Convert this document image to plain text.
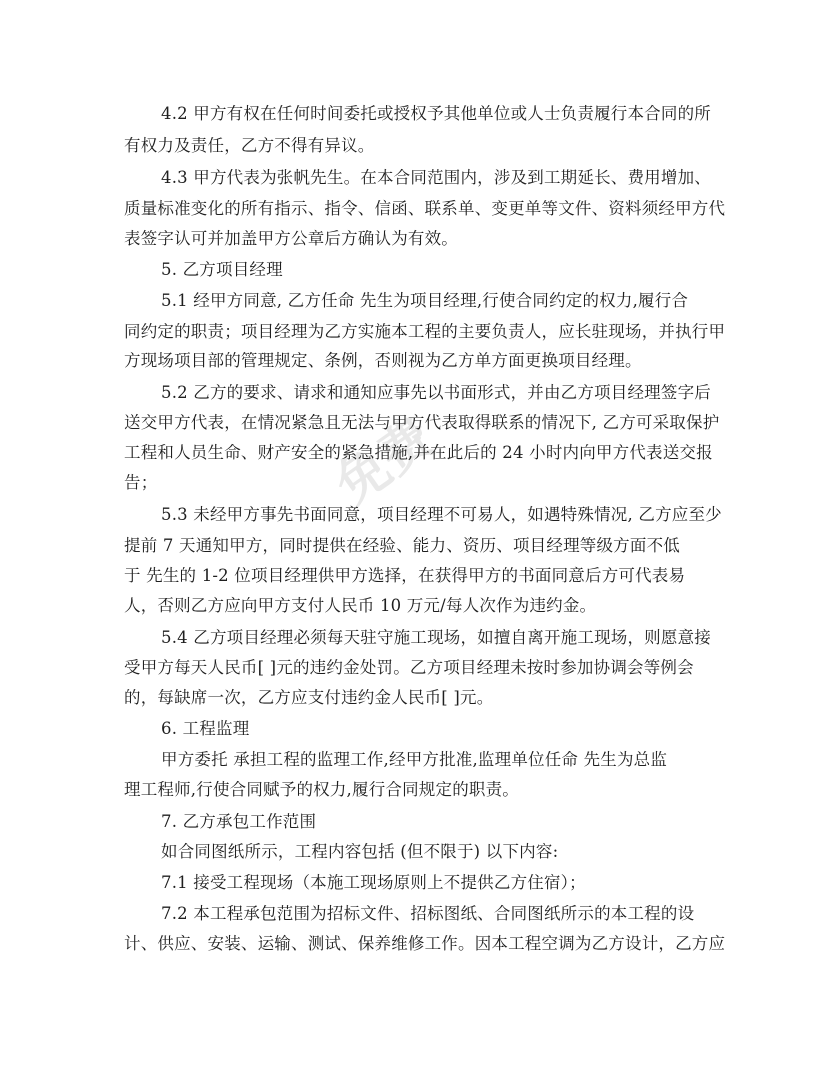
免费
4.2 甲方有权在任何时间委托或授权予其他单位或人士负责履行本合同的所
有权力及责任，乙方不得有异议。
4.3 甲方代表为张帆先生。在本合同范围内，涉及到工期延长、费用增加、
质量标准变化的所有指示、指令、信函、联系单、变更单等文件、资料须经甲方代
表签字认可并加盖甲方公章后方确认为有效。
5. 乙方项目经理
5.1 经甲方同意, 乙方任命 先生为项目经理,行使合同约定的权力,履行合
同约定的职责；项目经理为乙方实施本工程的主要负责人，应长驻现场，并执行甲
方现场项目部的管理规定、条例，否则视为乙方单方面更换项目经理。
5.2 乙方的要求、请求和通知应事先以书面形式，并由乙方项目经理签字后
送交甲方代表，在情况紧急且无法与甲方代表取得联系的情况下, 乙方可采取保护
工程和人员生命、财产安全的紧急措施,并在此后的 24 小时内向甲方代表送交报
告；
5.3 未经甲方事先书面同意，项目经理不可易人，如遇特殊情况, 乙方应至少
提前 7 天通知甲方，同时提供在经验、能力、资历、项目经理等级方面不低
于 先生的 1-2 位项目经理供甲方选择，在获得甲方的书面同意后方可代表易
人，否则乙方应向甲方支付人民币 10 万元/每人次作为违约金。
5.4 乙方项目经理必须每天驻守施工现场，如擅自离开施工现场，则愿意接
受甲方每天人民币[ ]元的违约金处罚。乙方项目经理未按时参加协调会等例会
的，每缺席一次，乙方应支付违约金人民币[ ]元。
6. 工程监理
甲方委托 承担工程的监理工作,经甲方批准,监理单位任命 先生为总监
理工程师,行使合同赋予的权力,履行合同规定的职责。
7. 乙方承包工作范围
如合同图纸所示，工程内容包括 (但不限于) 以下内容:
7.1 接受工程现场（本施工现场原则上不提供乙方住宿）；
7.2 本工程承包范围为招标文件、招标图纸、合同图纸所示的本工程的设
计、供应、安装、运输、测试、保养维修工作。因本工程空调为乙方设计，乙方应
